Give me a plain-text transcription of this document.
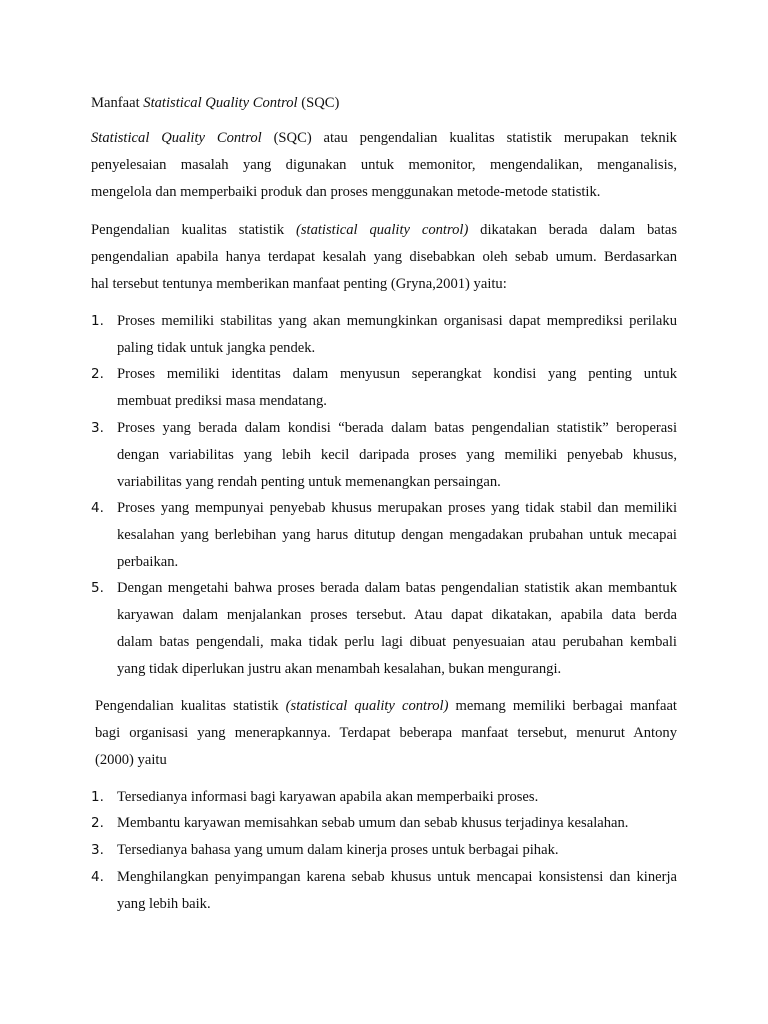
Manfaat Statistical Quality Control (SQC)
Statistical Quality Control (SQC) atau pengendalian kualitas statistik merupakan teknik
penyelesaian masalah yang digunakan untuk memonitor, mengendalikan, menganalisis,
mengelola dan memperbaiki produk dan proses menggunakan metode-metode statistik.
Pengendalian kualitas statistik (statistical quality control) dikatakan berada dalam batas
pengendalian apabila hanya terdapat kesalah yang disebabkan oleh sebab umum. Berdasarkan
hal tersebut tentunya memberikan manfaat penting (Gryna,2001) yaitu:
1. Proses memiliki stabilitas yang akan memungkinkan organisasi dapat memprediksi perilaku
paling tidak untuk jangka pendek.
2. Proses memiliki identitas dalam menyusun seperangkat kondisi yang penting untuk
membuat prediksi masa mendatang.
3. Proses yang berada dalam kondisi “berada dalam batas pengendalian statistik” beroperasi
dengan variabilitas yang lebih kecil daripada proses yang memiliki penyebab khusus,
variabilitas yang rendah penting untuk memenangkan persaingan.
4. Proses yang mempunyai penyebab khusus merupakan proses yang tidak stabil dan memiliki
kesalahan yang berlebihan yang harus ditutup dengan mengadakan prubahan untuk mecapai
perbaikan.
5. Dengan mengetahi bahwa proses berada dalam batas pengendalian statistik akan membantuk
karyawan dalam menjalankan proses tersebut. Atau dapat dikatakan, apabila data berda
dalam batas pengendali, maka tidak perlu lagi dibuat penyesuaian atau perubahan kembali
yang tidak diperlukan justru akan menambah kesalahan, bukan mengurangi.
Pengendalian kualitas statistik (statistical quality control) memang memiliki berbagai manfaat
bagi organisasi yang menerapkannya. Terdapat beberapa manfaat tersebut, menurut Antony
(2000) yaitu
1. Tersedianya informasi bagi karyawan apabila akan memperbaiki proses.
2. Membantu karyawan memisahkan sebab umum dan sebab khusus terjadinya kesalahan.
3. Tersedianya bahasa yang umum dalam kinerja proses untuk berbagai pihak.
4. Menghilangkan penyimpangan karena sebab khusus untuk mencapai konsistensi dan kinerja
yang lebih baik.
